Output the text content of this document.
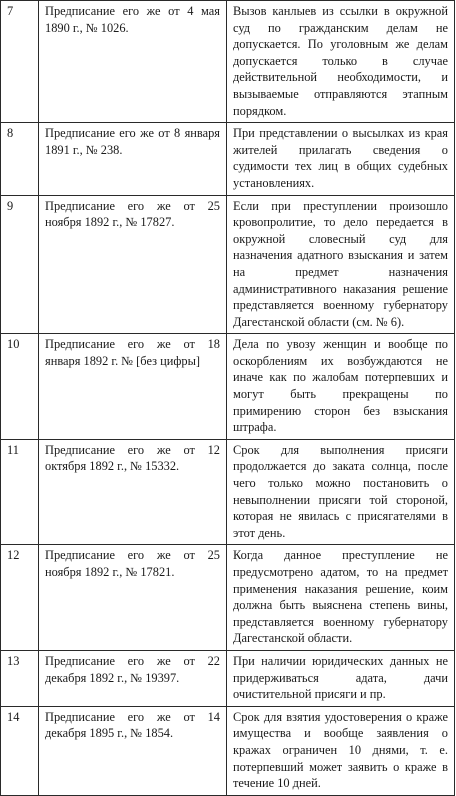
7	Предписание его же от 4 мая 1890 г., № 1026.	Вызов канлыев из ссылки в окружной суд по гражданским делам не допускается. По уголовным же делам допускается только в случае действительной необходимости, и вызываемые отправляются этапным порядком.
8	Предписание его же от 8 января 1891 г., № 238.	При представлении о высылках из края жителей прилагать сведения о судимости тех лиц в общих судебных установлениях.
9	Предписание его же от 25 ноября 1892 г., № 17827.	Если при преступлении произошло кровопролитие, то дело передается в окружной словесный суд для назначения адатного взыскания и затем на предмет назначения административного наказания решение представляется военному губернатору Дагестанской области (см. № 6).
10	Предписание его же от 18 января 1892 г. № [без цифры]	Дела по увозу женщин и вообще по оскорблениям их возбуждаются не иначе как по жалобам потерпевших и могут быть прекращены по примирению сторон без взыскания штрафа.
11	Предписание его же от 12 октября 1892 г., № 15332.	Срок для выполнения присяги продолжается до заката солнца, после чего только можно постановить о невыполнении присяги той стороной, которая не явилась с присягателями в этот день.
12	Предписание его же от 25 ноября 1892 г., № 17821.	Когда данное преступление не предусмотрено адатом, то на предмет применения наказания решение, коим должна быть выяснена степень вины, представляется военному губернатору Дагестанской области.
13	Предписание его же от 22 декабря 1892 г., № 19397.	При наличии юридических данных не придерживаться адата, дачи очистительной присяги и пр.
14	Предписание его же от 14 декабря 1895 г., № 1854.	Срок для взятия удостоверения о краже имущества и вообще заявления о кражах ограничен 10 днями, т. е. потерпевший может заявить о краже в течение 10 дней.
